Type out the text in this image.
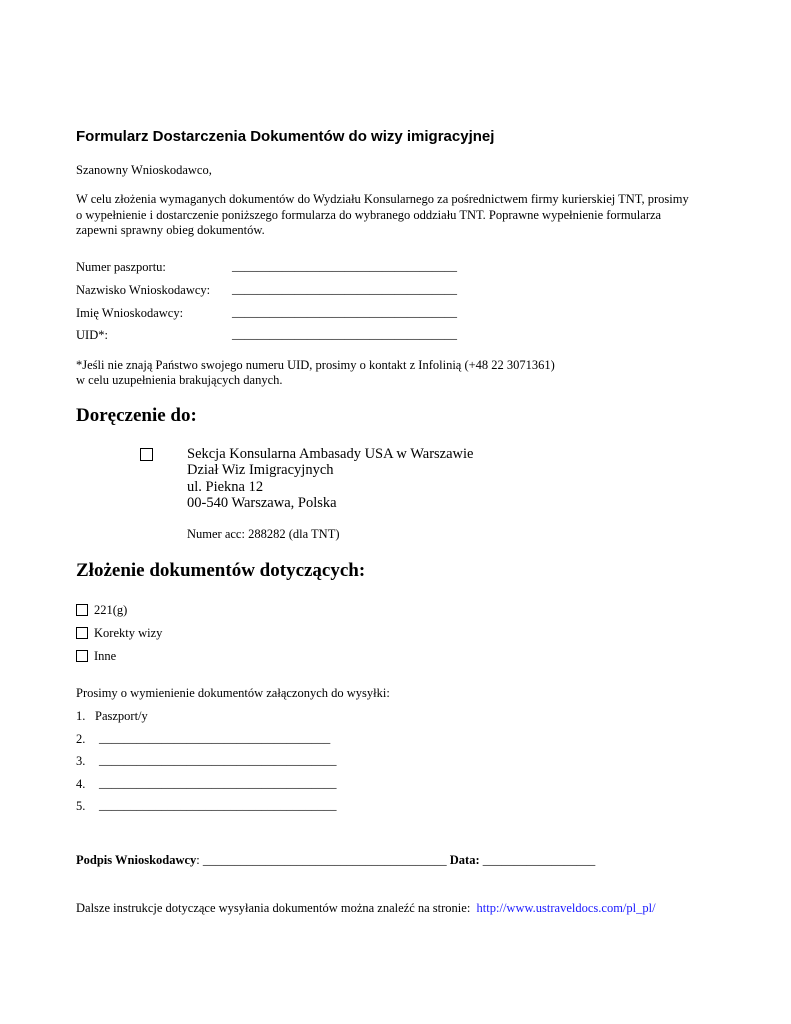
Formularz Dostarczenia Dokumentów do wizy imigracyjnej
Szanowny Wnioskodawco,
W celu złożenia wymaganych dokumentów do Wydziału Konsularnego za pośrednictwem firmy kurierskiej TNT, prosimy
o wypełnienie i dostarczenie poniższego formularza do wybranego oddziału TNT. Poprawne wypełnienie formularza
zapewni sprawny obieg dokumentów.
Numer paszportu:	____________________________________
Nazwisko Wnioskodawcy: ____________________________________
Imię Wnioskodawcy:	____________________________________
UID*:	____________________________________
*Jeśli nie znają Państwo swojego numeru UID, prosimy o kontakt z Infolinią (+48 22 3071361)
w celu uzupełnienia brakujących danych.
Doręczenie do:
Sekcja Konsularna Ambasady USA w Warszawie
Dział Wiz Imigracyjnych
ul. Piekna 12
00-540 Warszawa, Polska
Numer acc: 288282 (dla TNT)
Złożenie dokumentów dotyczących:
221(g)
Korekty wizy
Inne
Prosimy o wymienienie dokumentów załączonych do wysyłki:
1. Paszport/y
2. _____________________________________
3. ______________________________________
4. ______________________________________
5. ______________________________________
Podpis Wnioskodawcy: _______________________________________ Data: __________________
Dalsze instrukcje dotyczące wysyłania dokumentów można znaleźć na stronie: http://www.ustraveldocs.com/pl_pl/
